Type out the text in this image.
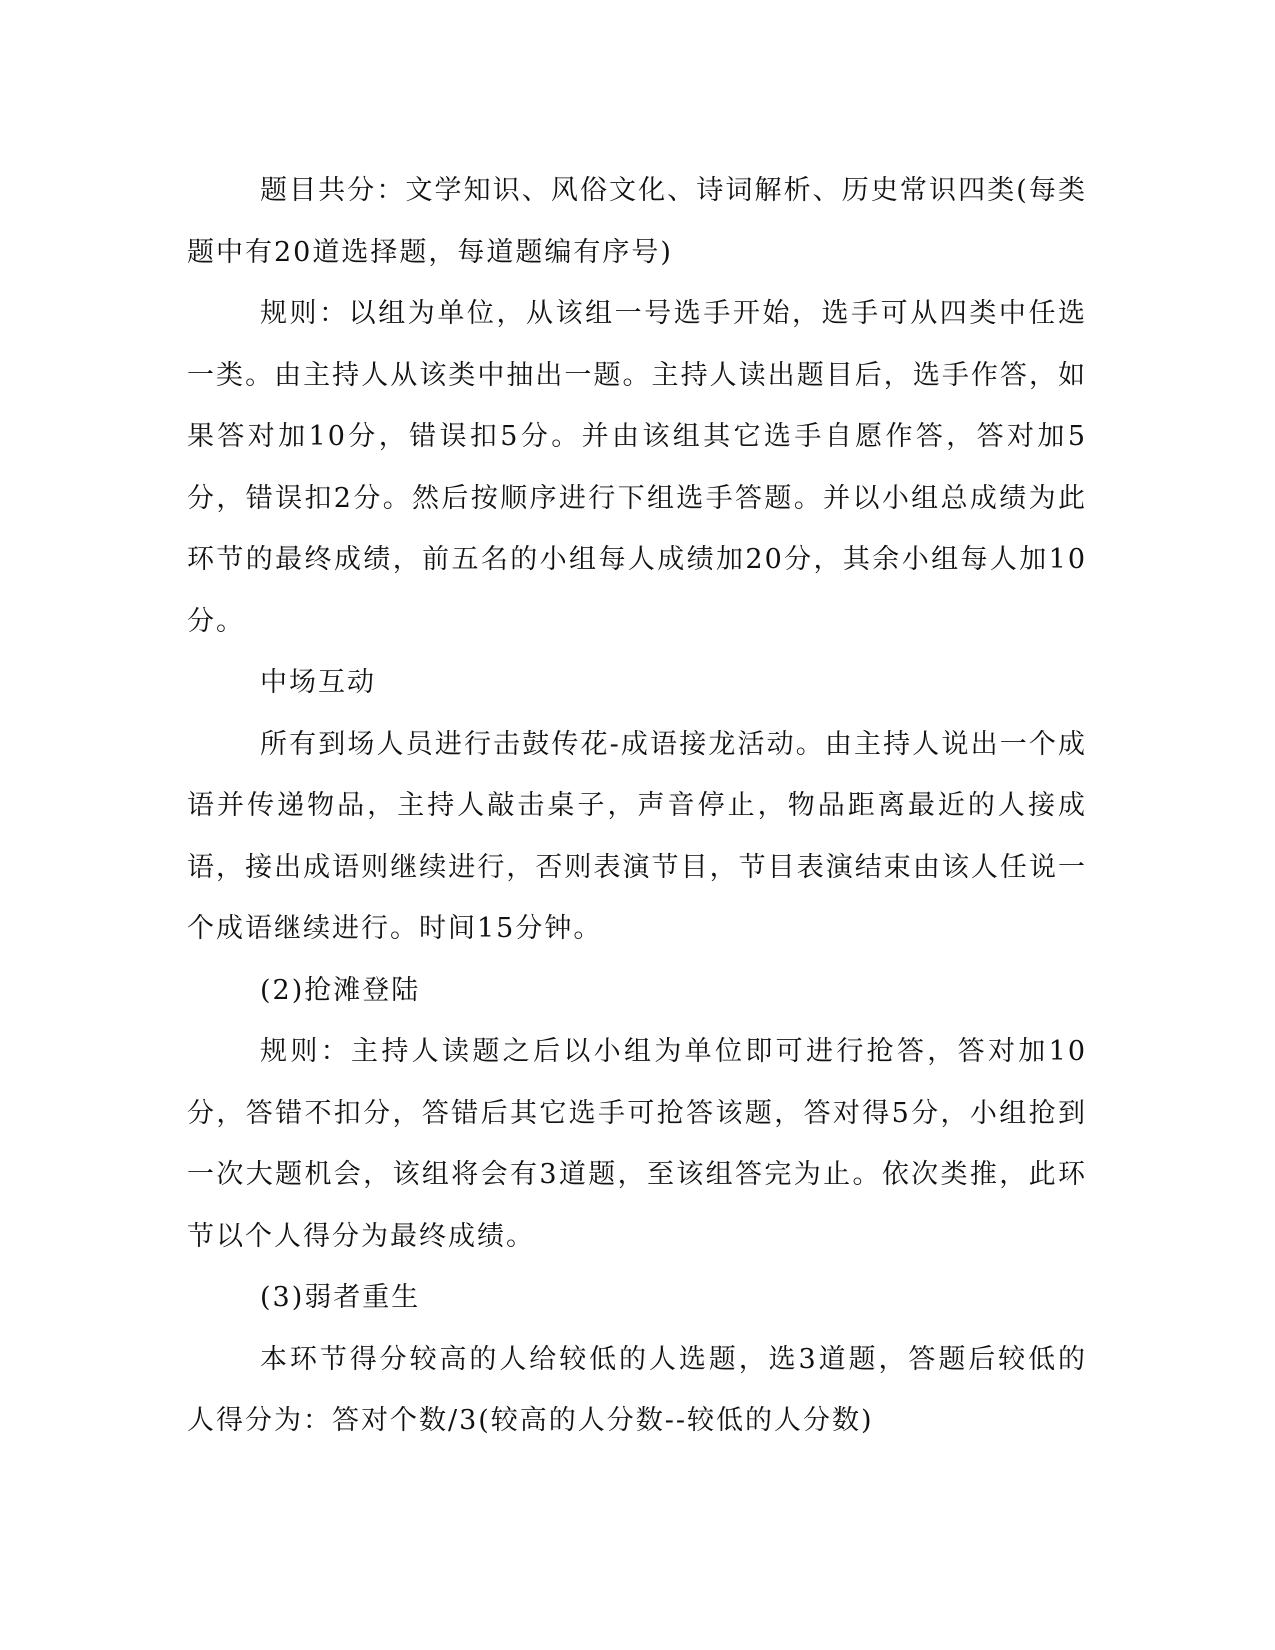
题目共分：文学知识、风俗文化、诗词解析、历史常识四类(每类题中有20道选择题，每道题编有序号)

规则：以组为单位，从该组一号选手开始，选手可从四类中任选一类。由主持人从该类中抽出一题。主持人读出题目后，选手作答，如果答对加10分，错误扣5分。并由该组其它选手自愿作答，答对加5分，错误扣2分。然后按顺序进行下组选手答题。并以小组总成绩为此环节的最终成绩，前五名的小组每人成绩加20分，其余小组每人加10分。

中场互动

所有到场人员进行击鼓传花-成语接龙活动。由主持人说出一个成语并传递物品，主持人敲击桌子，声音停止，物品距离最近的人接成语，接出成语则继续进行，否则表演节目，节目表演结束由该人任说一个成语继续进行。时间15分钟。

(2)抢滩登陆

规则：主持人读题之后以小组为单位即可进行抢答，答对加10分，答错不扣分，答错后其它选手可抢答该题，答对得5分，小组抢到一次大题机会，该组将会有3道题，至该组答完为止。依次类推，此环节以个人得分为最终成绩。

(3)弱者重生

本环节得分较高的人给较低的人选题，选3道题，答题后较低的人得分为：答对个数/3(较高的人分数--较低的人分数)
